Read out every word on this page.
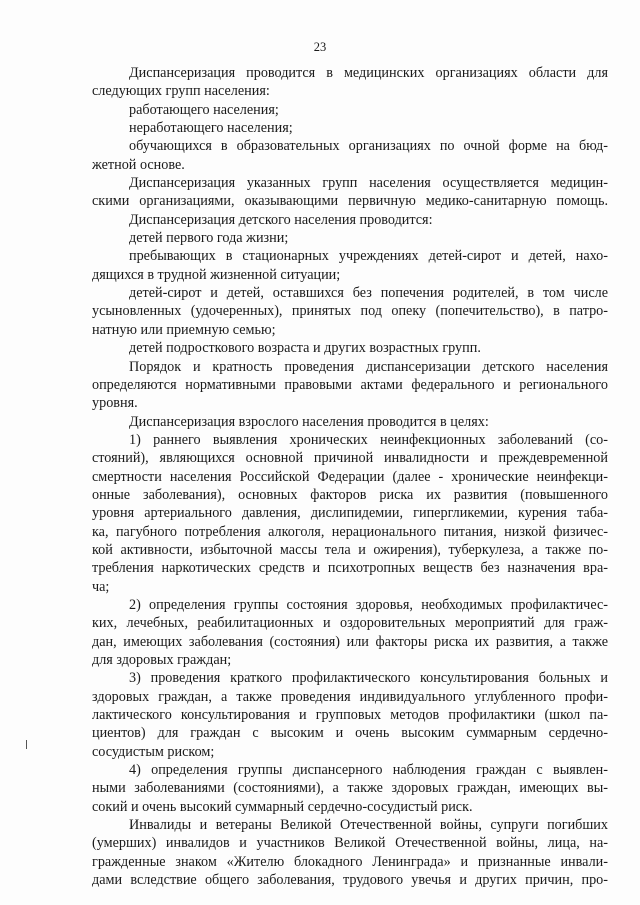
23
Диспансеризация проводится в медицинских организациях области для
следующих групп населения:
работающего населения;
неработающего населения;
обучающихся в образовательных организациях по очной форме на бюд-
жетной основе.
Диспансеризация указанных групп населения осуществляется медицин-
скими организациями, оказывающими первичную медико-санитарную помощь.
Диспансеризация детского населения проводится:
детей первого года жизни;
пребывающих в стационарных учреждениях детей-сирот и детей, нахо-
дящихся в трудной жизненной ситуации;
детей-сирот и детей, оставшихся без попечения родителей, в том числе
усыновленных (удочеренных), принятых под опеку (попечительство), в патро-
натную или приемную семью;
детей подросткового возраста и других возрастных групп.
Порядок и кратность проведения диспансеризации детского населения
определяются нормативными правовыми актами федерального и регионального
уровня.
Диспансеризация взрослого населения проводится в целях:
1) раннего выявления хронических неинфекционных заболеваний (со-
стояний), являющихся основной причиной инвалидности и преждевременной
смертности населения Российской Федерации (далее - хронические неинфекци-
онные заболевания), основных факторов риска их развития (повышенного
уровня артериального давления, дислипидемии, гипергликемии, курения таба-
ка, пагубного потребления алкоголя, нерационального питания, низкой физичес-
кой активности, избыточной массы тела и ожирения), туберкулеза, а также по-
требления наркотических средств и психотропных веществ без назначения вра-
ча;
2) определения группы состояния здоровья, необходимых профилактичес-
ких, лечебных, реабилитационных и оздоровительных мероприятий для граж-
дан, имеющих заболевания (состояния) или факторы риска их развития, а также
для здоровых граждан;
3) проведения краткого профилактического консультирования больных и
здоровых граждан, а также проведения индивидуального углубленного профи-
лактического консультирования и групповых методов профилактики (школ па-
циентов) для граждан с высоким и очень высоким суммарным сердечно-
сосудистым риском;
4) определения группы диспансерного наблюдения граждан с выявлен-
ными заболеваниями (состояниями), а также здоровых граждан, имеющих вы-
сокий и очень высокий суммарный сердечно-сосудистый риск.
Инвалиды и ветераны Великой Отечественной войны, супруги погибших
(умерших) инвалидов и участников Великой Отечественной войны, лица, на-
гражденные знаком «Жителю блокадного Ленинграда» и признанные инвали-
дами вследствие общего заболевания, трудового увечья и других причин, про-
